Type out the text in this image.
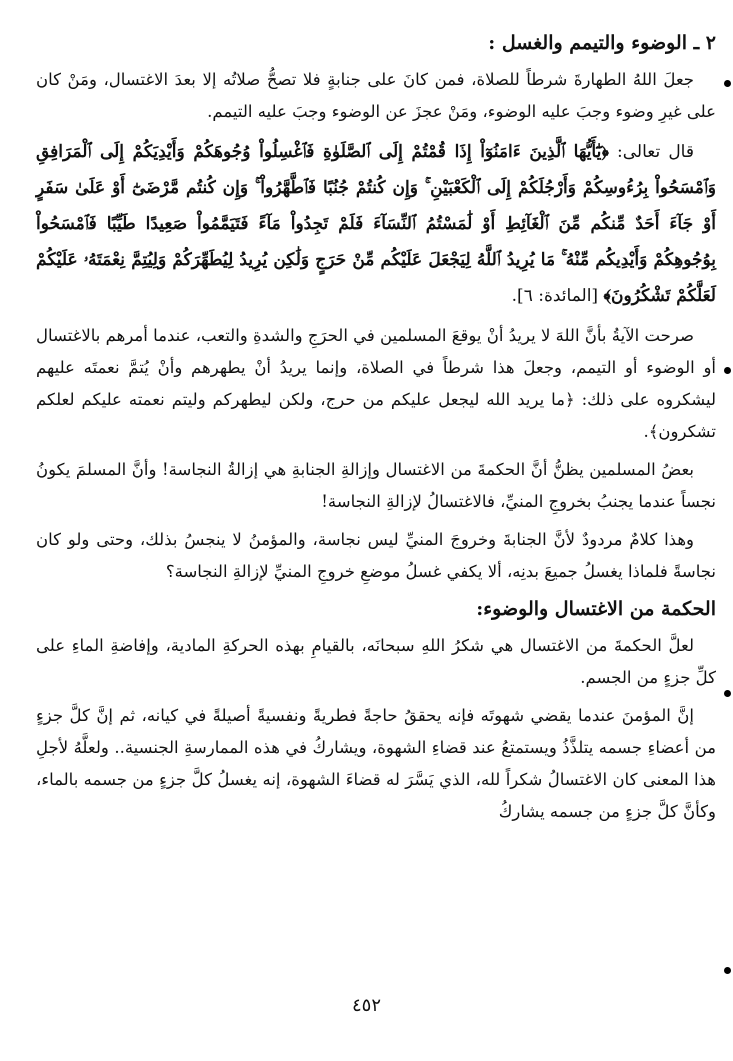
٢ ـ الوضوء والتيمم والغسل :

جعلَ اللهُ الطهارةَ شرطاً للصلاة، فمن كانَ على جنابةٍ فلا تصحُّ صلاتُه إلا بعدَ الاغتسال، ومَنْ كان على غيرِ وضوء وجبَ عليه الوضوء، ومَنْ عجزَ عن الوضوء وجبَ عليه التيمم.

قال تعالى: ﴿يَٰٓأَيُّهَا ٱلَّذِينَ ءَامَنُوٓاْ إِذَا قُمْتُمْ إِلَى ٱلصَّلَوٰةِ فَٱغْسِلُواْ وُجُوهَكُمْ وَأَيْدِيَكُمْ إِلَى ٱلْمَرَافِقِ وَٱمْسَحُواْ بِرُءُوسِكُمْ وَأَرْجُلَكُمْ إِلَى ٱلْكَعْبَيْنِ ۚ وَإِن كُنتُمْ جُنُبًا فَٱطَّهَّرُواْ ۚ وَإِن كُنتُم مَّرْضَىٰٓ أَوْ عَلَىٰ سَفَرٍ أَوْ جَآءَ أَحَدٌ مِّنكُم مِّنَ ٱلْغَآئِطِ أَوْ لَٰمَسْتُمُ ٱلنِّسَآءَ فَلَمْ تَجِدُواْ مَآءً فَتَيَمَّمُواْ صَعِيدًا طَيِّبًا فَٱمْسَحُواْ بِوُجُوهِكُمْ وَأَيْدِيكُم مِّنْهُ ۚ مَا يُرِيدُ ٱللَّهُ لِيَجْعَلَ عَلَيْكُم مِّنْ حَرَجٍ وَلَٰكِن يُرِيدُ لِيُطَهِّرَكُمْ وَلِيُتِمَّ نِعْمَتَهُۥ عَلَيْكُمْ لَعَلَّكُمْ تَشْكُرُونَ﴾ [المائدة: ٦].

صرحت الآيةُ بأنَّ اللهَ لا يريدُ أنْ يوقعَ المسلمين في الحرَجِ والشدةِ والتعب، عندما أمرهم بالاغتسال أو الوضوء أو التيمم، وجعلَ هذا شرطاً في الصلاة، وإنما يريدُ أنْ يطهرهم وأنْ يُتمَّ نعمتَه عليهم ليشكروه على ذلك: ﴿ما يريد الله ليجعل عليكم من حرج، ولكن ليطهركم وليتم نعمته عليكم لعلكم تشكرون﴾.

بعضُ المسلمين يظنُّ أنَّ الحكمةَ من الاغتسال وإزالةِ الجنابةِ هي إزالةُ النجاسة! وأنَّ المسلمَ يكونُ نجساً عندما يجنبُ بخروجِ المنيِّ، فالاغتسالُ لإزالةِ النجاسة!

وهذا كلامٌ مردودٌ لأنَّ الجنابةَ وخروجَ المنيِّ ليس نجاسة، والمؤمنُ لا ينجسُ بذلك، وحتى ولو كان نجاسةً فلماذا يغسلُ جميعَ بدنِه، ألا يكفي غسلُ موضعِ خروجِ المنيِّ لإزالةِ النجاسة؟

الحكمة من الاغتسال والوضوء:

لعلَّ الحكمةَ من الاغتسال هي شكرُ اللهِ سبحانَه، بالقيامِ بهذه الحركةِ المادية، وإفاضةِ الماءِ على كلِّ جزءٍ من الجسم.

إنَّ المؤمنَ عندما يقضي شهوتَه فإنه يحققُ حاجةً فطريةً ونفسيةً أصيلةً في كيانه، ثم إنَّ كلَّ جزءٍ من أعضاءِ جسمه يتلذَّذُ ويستمتعُ عند قضاءِ الشهوة، ويشاركُ في هذه الممارسةِ الجنسية.. ولعلَّهُ لأجلِ هذا المعنى كان الاغتسالُ شكراً لله، الذي يَسَّرَ له قضاءَ الشهوة، إنه يغسلُ كلَّ جزءٍ من جسمه بالماء، وكأنَّ كلَّ جزءٍ من جسمه يشاركُ

٤٥٢
